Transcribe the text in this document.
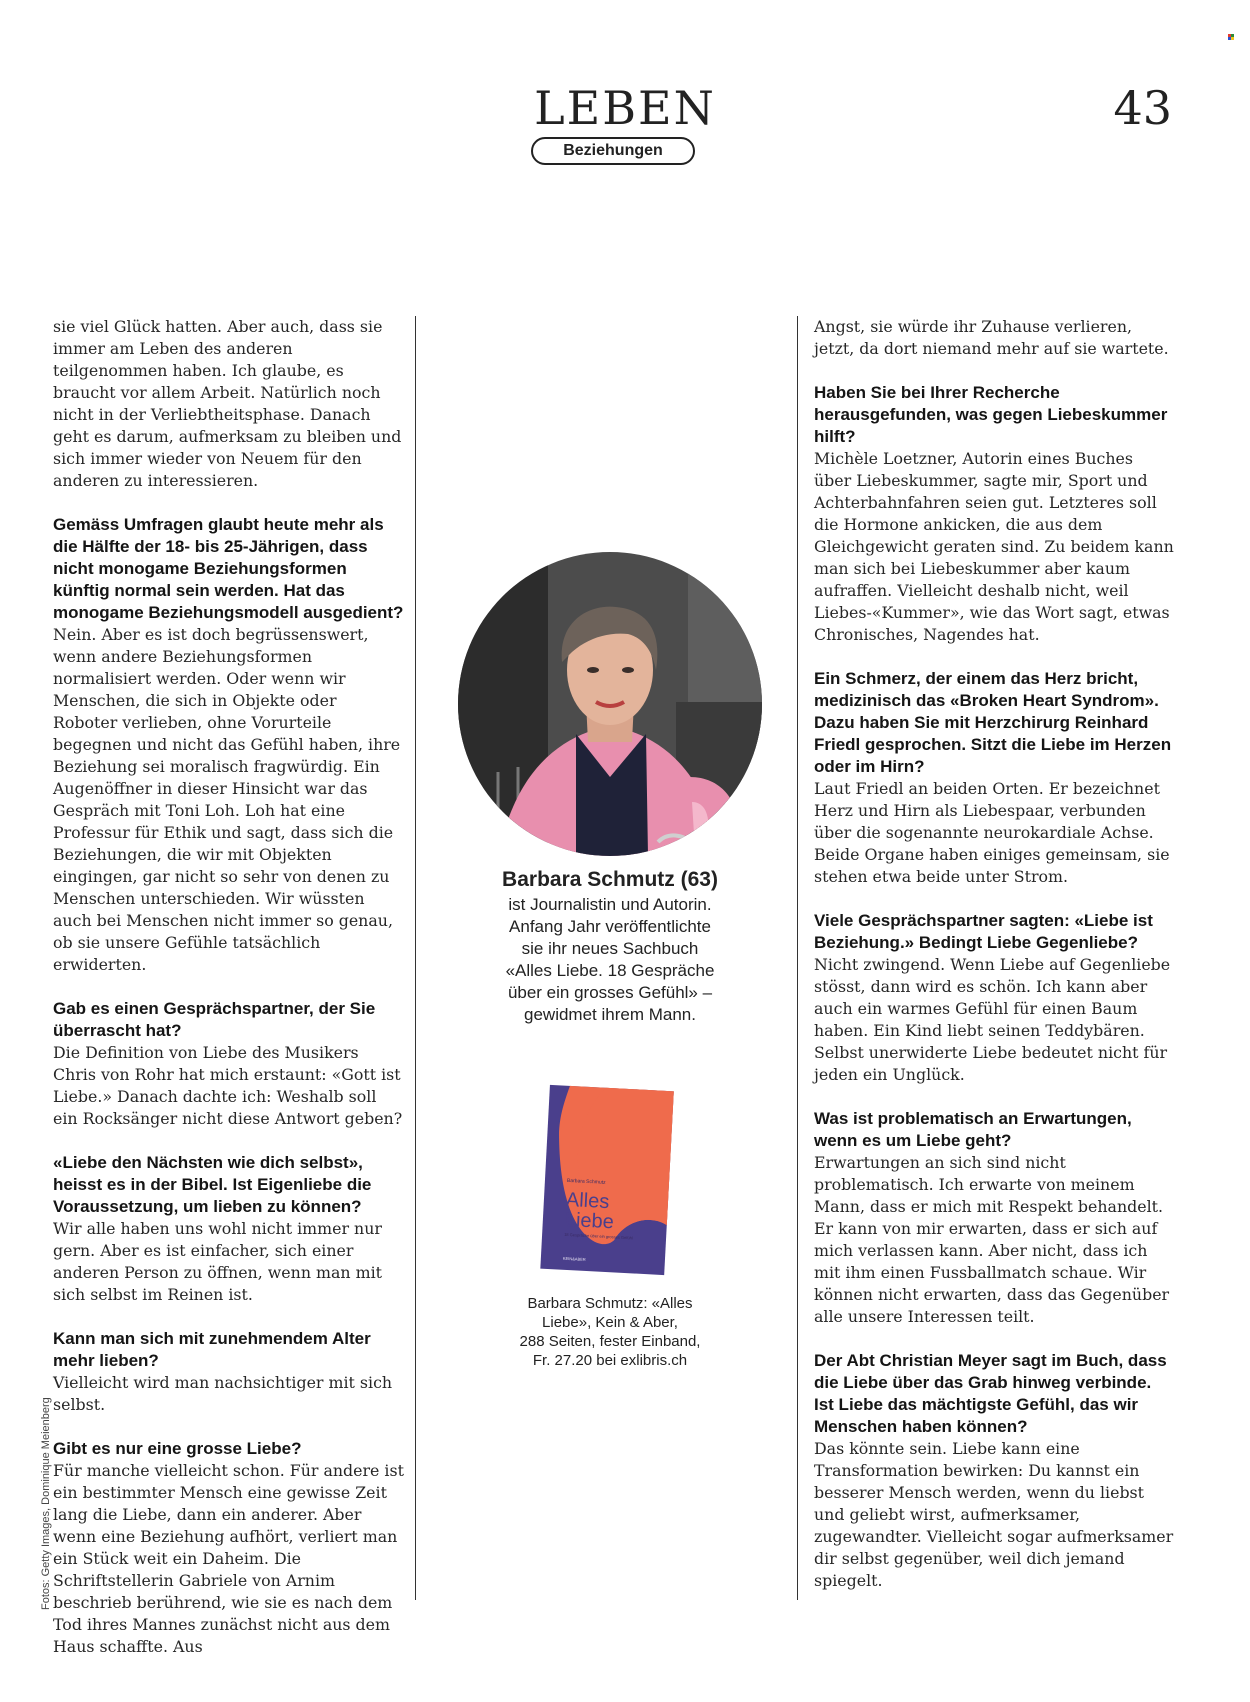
LEBEN
Beziehungen
43

sie viel Glück hatten. Aber auch, dass sie immer am Leben des anderen teilgenommen haben. Ich glaube, es braucht vor allem Arbeit. Natürlich noch nicht in der Verliebtheitsphase. Danach geht es darum, aufmerksam zu bleiben und sich immer wieder von Neuem für den anderen zu interessieren.

Gemäss Umfragen glaubt heute mehr als die Hälfte der 18- bis 25-Jährigen, dass nicht monogame Beziehungsformen künftig normal sein werden. Hat das monogame Beziehungsmodell ausgedient?

Nein. Aber es ist doch begrüssenswert, wenn andere Beziehungsformen normalisiert werden. Oder wenn wir Menschen, die sich in Objekte oder Roboter verlieben, ohne Vorurteile begegnen und nicht das Gefühl haben, ihre Beziehung sei moralisch fragwürdig. Ein Augenöffner in dieser Hinsicht war das Gespräch mit Toni Loh. Loh hat eine Professur für Ethik und sagt, dass sich die Beziehungen, die wir mit Objekten eingingen, gar nicht so sehr von denen zu Menschen unterschieden. Wir wüssten auch bei Menschen nicht immer so genau, ob sie unsere Gefühle tatsächlich erwiderten.

Gab es einen Gesprächspartner, der Sie überrascht hat?

Die Definition von Liebe des Musikers Chris von Rohr hat mich erstaunt: «Gott ist Liebe.» Danach dachte ich: Weshalb soll ein Rocksänger nicht diese Antwort geben?

«Liebe den Nächsten wie dich selbst», heisst es in der Bibel. Ist Eigenliebe die Voraussetzung, um lieben zu können?

Wir alle haben uns wohl nicht immer nur gern. Aber es ist einfacher, sich einer anderen Person zu öffnen, wenn man mit sich selbst im Reinen ist.

Kann man sich mit zunehmendem Alter mehr lieben?

Vielleicht wird man nachsichtiger mit sich selbst.

Gibt es nur eine grosse Liebe?

Für manche vielleicht schon. Für andere ist ein bestimmter Mensch eine gewisse Zeit lang die Liebe, dann ein anderer. Aber wenn eine Beziehung aufhört, verliert man ein Stück weit ein Daheim. Die Schriftstellerin Gabriele von Arnim beschrieb berührend, wie sie es nach dem Tod ihres Mannes zunächst nicht aus dem Haus schaffte. Aus

Barbara Schmutz (63)
ist Journalistin und Autorin.
Anfang Jahr veröffentlichte
sie ihr neues Sachbuch
«Alles Liebe. 18 Gespräche
über ein grosses Gefühl» –
gewidmet ihrem Mann.
Barbara Schmutz
Alles
Liebe
18 Gespräche über ein grosses Gefühl
KEIN&ABER
Barbara Schmutz: «Alles
Liebe», Kein & Aber,
288 Seiten, fester Einband,
Fr. 27.20 bei exlibris.ch

Angst, sie würde ihr Zuhause verlieren, jetzt, da dort niemand mehr auf sie wartete.

Haben Sie bei Ihrer Recherche herausgefunden, was gegen Liebeskummer hilft?

Michèle Loetzner, Autorin eines Buches über Liebeskummer, sagte mir, Sport und Achterbahnfahren seien gut. Letzteres soll die Hormone ankicken, die aus dem Gleichgewicht geraten sind. Zu beidem kann man sich bei Liebeskummer aber kaum aufraffen. Vielleicht deshalb nicht, weil Liebes-«Kummer», wie das Wort sagt, etwas Chronisches, Nagendes hat.

Ein Schmerz, der einem das Herz bricht, medizinisch das «Broken Heart Syndrom». Dazu haben Sie mit Herzchirurg Reinhard Friedl gesprochen. Sitzt die Liebe im Herzen oder im Hirn?

Laut Friedl an beiden Orten. Er bezeichnet Herz und Hirn als Liebespaar, verbunden über die sogenannte neurokardiale Achse. Beide Organe haben einiges gemeinsam, sie stehen etwa beide unter Strom.

Viele Gesprächspartner sagten: «Liebe ist Beziehung.» Bedingt Liebe Gegenliebe?

Nicht zwingend. Wenn Liebe auf Gegenliebe stösst, dann wird es schön. Ich kann aber auch ein warmes Gefühl für einen Baum haben. Ein Kind liebt seinen Teddybären. Selbst unerwiderte Liebe bedeutet nicht für jeden ein Unglück.

Was ist problematisch an Erwartungen, wenn es um Liebe geht?

Erwartungen an sich sind nicht problematisch. Ich erwarte von meinem Mann, dass er mich mit Respekt behandelt. Er kann von mir erwarten, dass er sich auf mich verlassen kann. Aber nicht, dass ich mit ihm einen Fussballmatch schaue. Wir können nicht erwarten, dass das Gegenüber alle unsere Interessen teilt.

Der Abt Christian Meyer sagt im Buch, dass die Liebe über das Grab hinweg verbinde. Ist Liebe das mächtigste Gefühl, das wir Menschen haben können?

Das könnte sein. Liebe kann eine Transformation bewirken: Du kannst ein besserer Mensch werden, wenn du liebst und geliebt wirst, aufmerksamer, zugewandter. Vielleicht sogar aufmerksamer dir selbst gegenüber, weil dich jemand spiegelt.

Fotos: Getty Images, Dominique Meienberg
